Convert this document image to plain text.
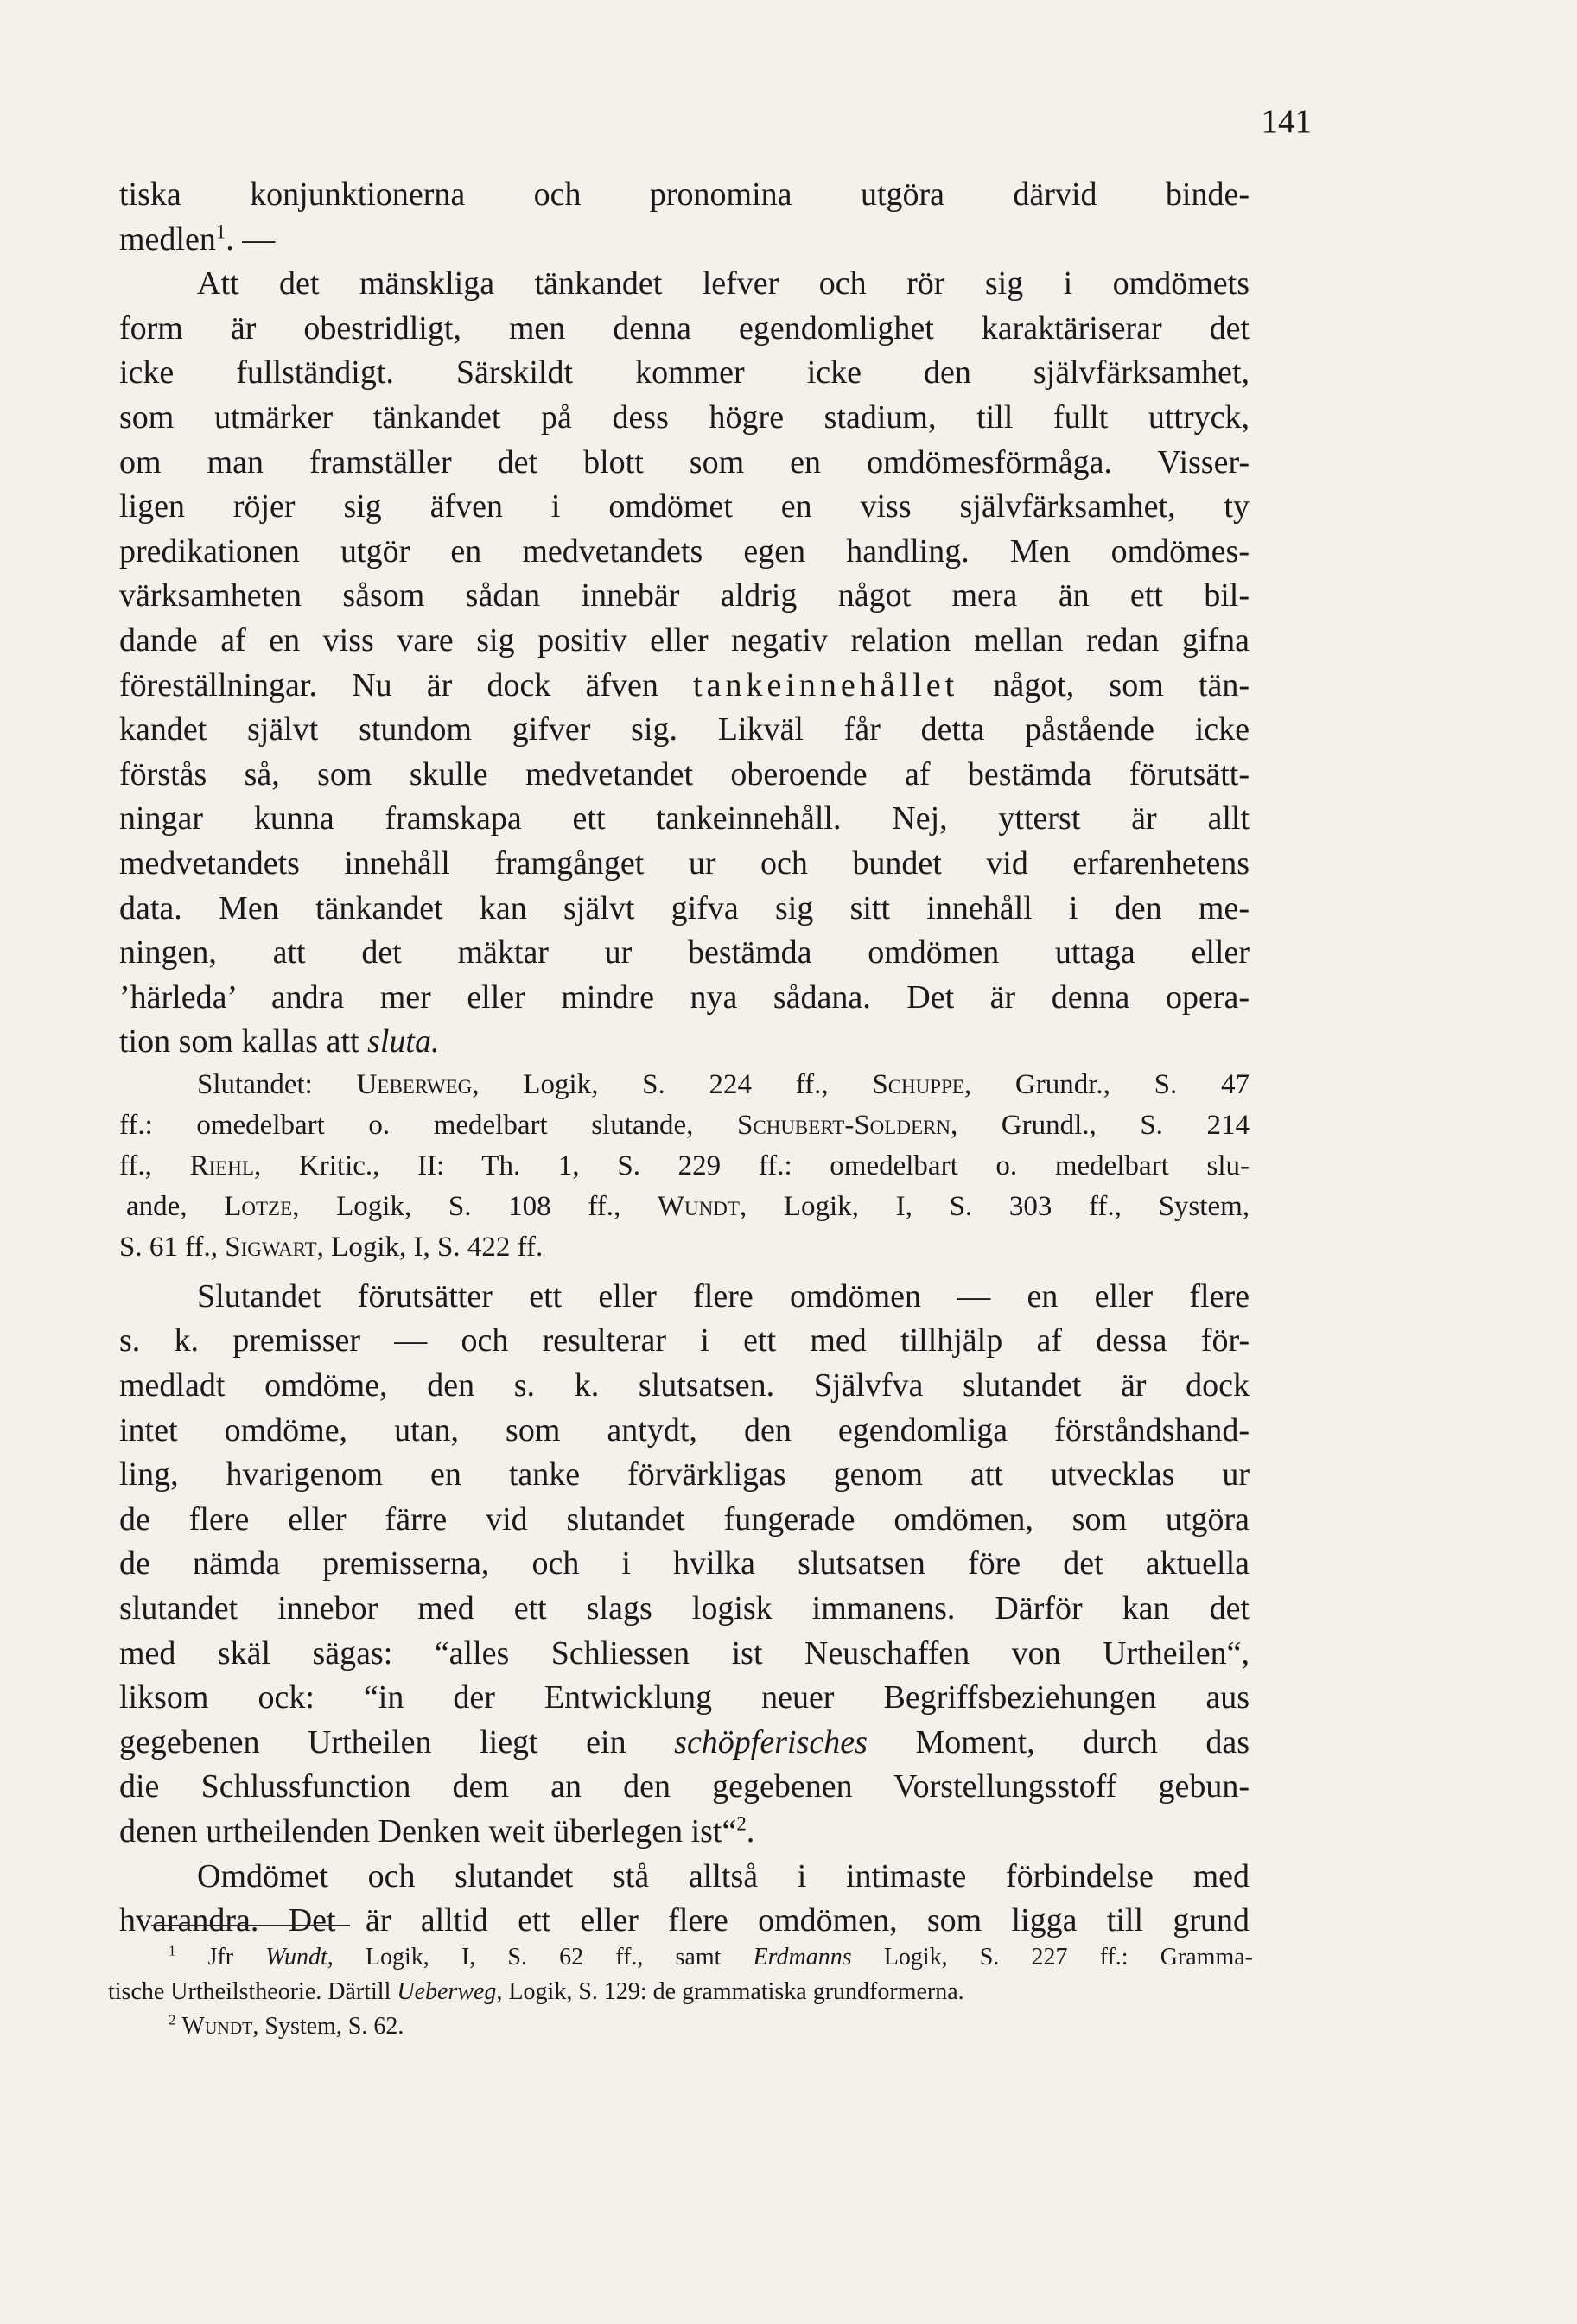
141
tiska konjunktionerna och pronomina utgöra därvid binde-
medlen$^1$. —
Att det mänskliga tänkandet lefver och rör sig i omdömets
form är obestridligt, men denna egendomlighet karaktäriserar det
icke fullständigt. Särskildt kommer icke den självfärksamhet,
som utmärker tänkandet på dess högre stadium, till fullt uttryck,
om man framställer det blott som en omdömesförmåga. Visser-
ligen röjer sig äfven i omdömet en viss självfärksamhet, ty
predikationen utgör en medvetandets egen handling. Men omdömes-
värksamheten såsom sådan innebär aldrig något mera än ett bil-
dande af en viss vare sig positiv eller negativ relation mellan redan gifna
föreställningar. Nu är dock äfven tankeinnehållet något, som tän-
kandet självt stundom gifver sig. Likväl får detta påstående icke
förstås så, som skulle medvetandet oberoende af bestämda förutsätt-
ningar kunna framskapa ett tankeinnehåll. Nej, ytterst är allt
medvetandets innehåll framgånget ur och bundet vid erfarenhetens
data. Men tänkandet kan självt gifva sig sitt innehåll i den me-
ningen, att det mäktar ur bestämda omdömen uttaga eller
’härleda’ andra mer eller mindre nya sådana. Det är denna opera-
tion som kallas att sluta.
Slutandet: Ueberweg, Logik, S. 224 ff., Schuppe, Grundr., S. 47
ff.: omedelbart o. medelbart slutande, Schubert-Soldern, Grundl., S. 214
ff., Riehl, Kritic., II: Th. 1, S. 229 ff.: omedelbart o. medelbart slu-
ande, Lotze, Logik, S. 108 ff., Wundt, Logik, I, S. 303 ff., System,
S. 61 ff., Sigwart, Logik, I, S. 422 ff.
Slutandet förutsätter ett eller flere omdömen — en eller flere
s. k. premisser — och resulterar i ett med tillhjälp af dessa för-
medladt omdöme, den s. k. slutsatsen. Självfva slutandet är dock
intet omdöme, utan, som antydt, den egendomliga förståndshand-
ling, hvarigenom en tanke förvärkligas genom att utvecklas ur
de flere eller färre vid slutandet fungerade omdömen, som utgöra
de nämda premisserna, och i hvilka slutsatsen före det aktuella
slutandet innebor med ett slags logisk immanens. Därför kan det
med skäl sägas: “alles Schliessen ist Neuschaffen von Urtheilen“,
liksom ock: “in der Entwicklung neuer Begriffsbeziehungen aus
gegebenen Urtheilen liegt ein schöpferisches Moment, durch das
die Schlussfunction dem an den gegebenen Vorstellungsstoff gebun-
denen urtheilenden Denken weit überlegen ist“$^2$.
Omdömet och slutandet stå alltså i intimaste förbindelse med
hvarandra. Det är alltid ett eller flere omdömen, som ligga till grund
$^1$ Jfr Wundt, Logik, I, S. 62 ff., samt Erdmanns Logik, S. 227 ff.: Gramma-
tische Urtheilstheorie. Därtill Ueberweg, Logik, S. 129: de grammatiska grundformerna.
$^2$ Wundt, System, S. 62.
